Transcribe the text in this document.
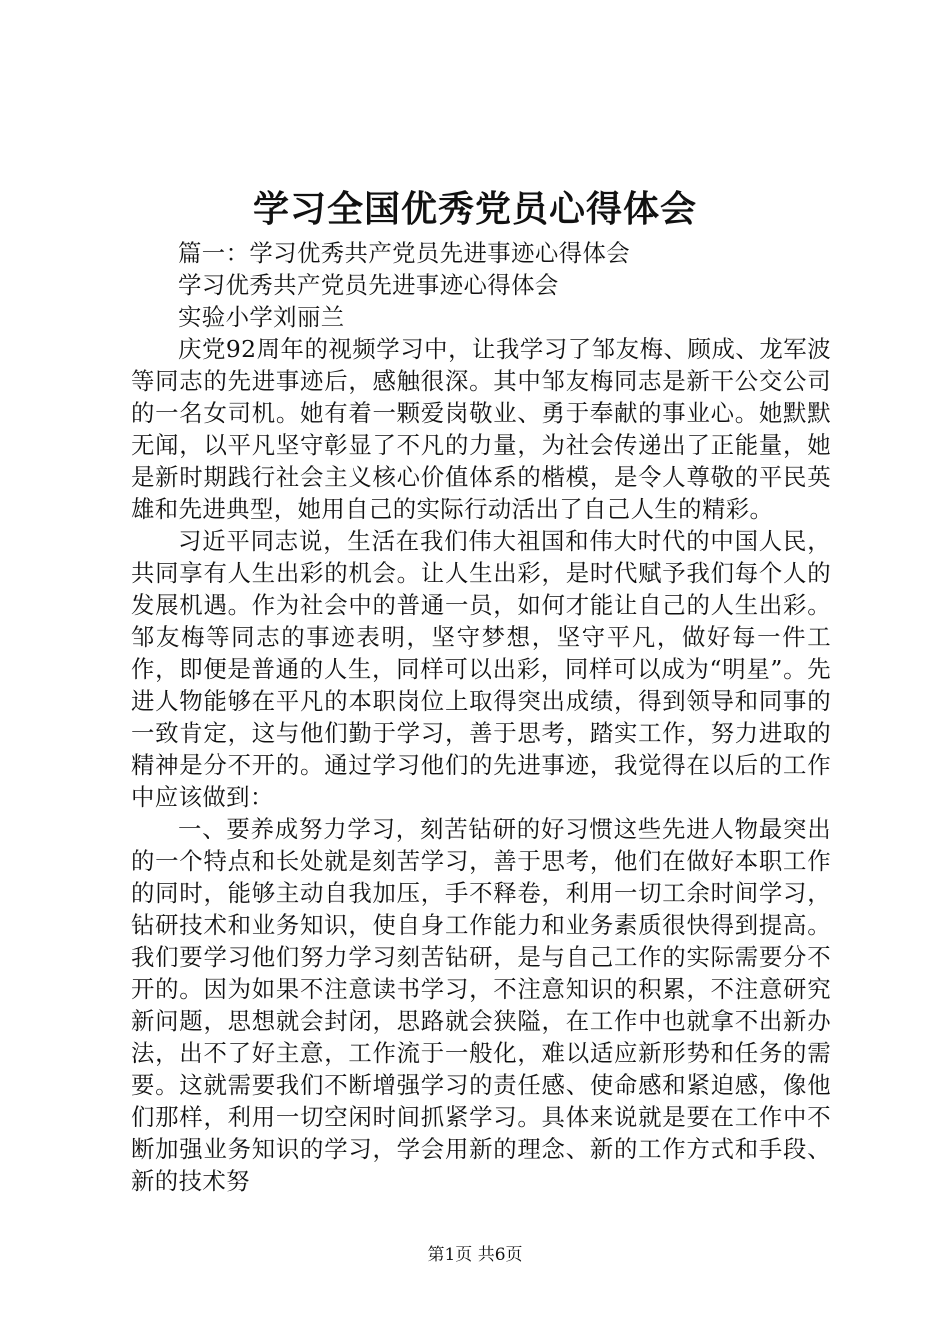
学习全国优秀党员心得体会

篇一：学习优秀共产党员先进事迹心得体会

学习优秀共产党员先进事迹心得体会

实验小学刘丽兰

庆党92周年的视频学习中，让我学习了邹友梅、顾成、龙军波等同志的先进事迹后，感触很深。其中邹友梅同志是新干公交公司的一名女司机。她有着一颗爱岗敬业、勇于奉献的事业心。她默默无闻，以平凡坚守彰显了不凡的力量，为社会传递出了正能量，她是新时期践行社会主义核心价值体系的楷模，是令人尊敬的平民英雄和先进典型，她用自己的实际行动活出了自己人生的精彩。

习近平同志说，生活在我们伟大祖国和伟大时代的中国人民，共同享有人生出彩的机会。让人生出彩，是时代赋予我们每个人的发展机遇。作为社会中的普通一员，如何才能让自己的人生出彩。邹友梅等同志的事迹表明，坚守梦想，坚守平凡，做好每一件工作，即便是普通的人生，同样可以出彩，同样可以成为“明星”。先进人物能够在平凡的本职岗位上取得突出成绩，得到领导和同事的一致肯定，这与他们勤于学习，善于思考，踏实工作，努力进取的精神是分不开的。通过学习他们的先进事迹，我觉得在以后的工作中应该做到：

一、要养成努力学习，刻苦钻研的好习惯这些先进人物最突出的一个特点和长处就是刻苦学习，善于思考，他们在做好本职工作的同时，能够主动自我加压，手不释卷，利用一切工余时间学习，钻研技术和业务知识，使自身工作能力和业务素质很快得到提高。我们要学习他们努力学习刻苦钻研，是与自己工作的实际需要分不开的。因为如果不注意读书学习，不注意知识的积累，不注意研究新问题，思想就会封闭，思路就会狭隘，在工作中也就拿不出新办法，出不了好主意，工作流于一般化，难以适应新形势和任务的需要。这就需要我们不断增强学习的责任感、使命感和紧迫感，像他们那样，利用一切空闲时间抓紧学习。具体来说就是要在工作中不断加强业务知识的学习，学会用新的理念、新的工作方式和手段、新的技术努

第1页 共6页
